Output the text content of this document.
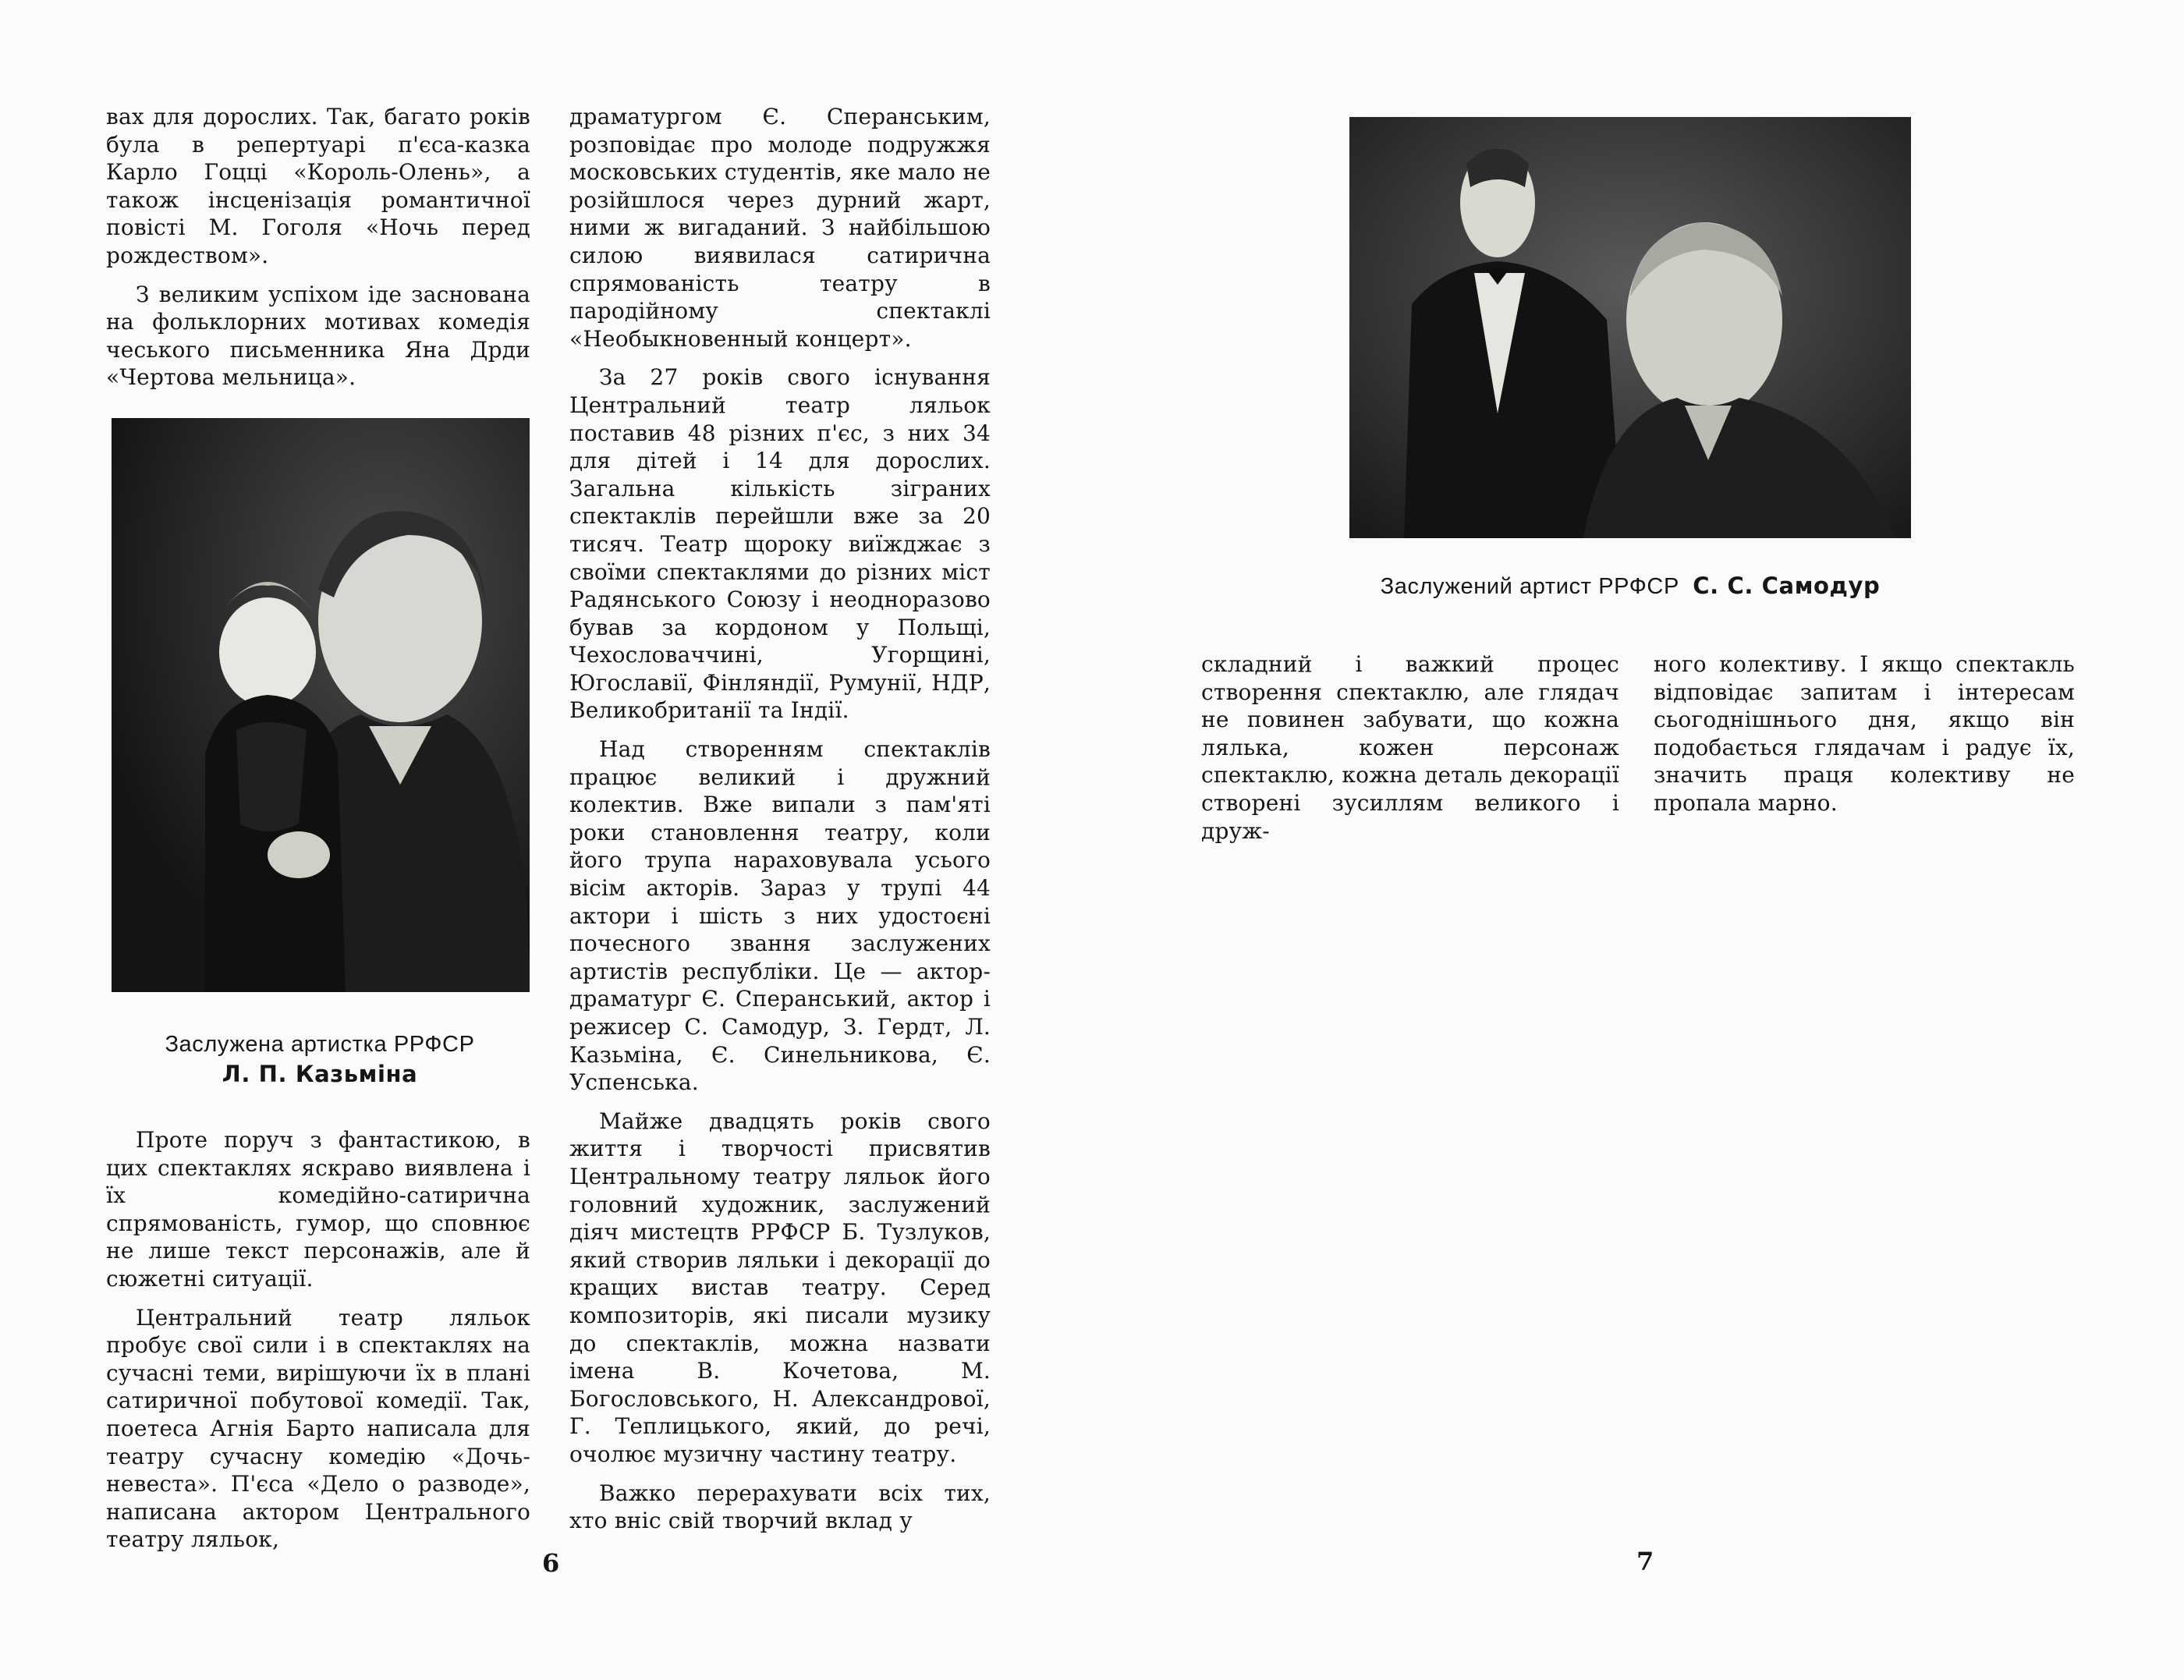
вах для дорослих. Так, багато років була в репертуарі п'єса-казка Карло Гоцці «Король-Олень», а також інсценізація романтичної повісті М. Гоголя «Ночь перед рождеством».

З великим успіхом іде заснована на фольклорних мотивах комедія чеського письменника Яна Дрди «Чертова мельница».

Заслужена артистка РРФСР
Л. П. Казьміна

Проте поруч з фантастикою, в цих спектаклях яскраво виявлена і їх комедійно-сатирична спрямованість, гумор, що сповнює не лише текст персонажів, але й сюжетні ситуації.

Центральний театр ляльок пробує свої сили і в спектаклях на сучасні теми, вирішуючи їх в плані сатиричної побутової комедії. Так, поетеса Агнія Барто написала для театру сучасну комедію «Дочь-невеста». П'єса «Дело о разводе», написана актором Центрального театру ляльок,

драматургом Є. Сперанським, розповідає про молоде подружжя московських студентів, яке мало не розійшлося через дурний жарт, ними ж вигаданий. З найбільшою силою виявилася сатирична спрямованість театру в пародійному спектаклі «Необыкновенный концерт».

За 27 років свого існування Центральний театр ляльок поставив 48 різних п'єс, з них 34 для дітей і 14 для дорослих. Загальна кількість зіграних спектаклів перейшли вже за 20 тисяч. Театр щороку виїжджає з своїми спектаклями до різних міст Радянського Союзу і неодноразово бував за кордоном у Польщі, Чехословаччині, Угорщині, Югославії, Фінляндії, Румунії, НДР, Великобританії та Індії.

Над створенням спектаклів працює великий і дружний колектив. Вже випали з пам'яті роки становлення театру, коли його трупа нараховувала усього вісім акторів. Зараз у трупі 44 актори і шість з них удостоєні почесного звання заслужених артистів республіки. Це — актор-драматург Є. Сперанський, актор і режисер С. Самодур, З. Гердт, Л. Казьміна, Є. Синельникова, Є. Успенська.

Майже двадцять років свого життя і творчості присвятив Центральному театру ляльок його головний художник, заслужений діяч мистецтв РРФСР Б. Тузлуков, який створив ляльки і декорації до кращих вистав театру. Серед композиторів, які писали музику до спектаклів, можна назвати імена В. Кочетова, М. Богословського, Н. Александрової, Г. Теплицького, який, до речі, очолює музичну частину театру.

Важко перерахувати всіх тих, хто вніс свій творчий вклад у

6
Заслужений артист РРФСР С. С. Самодур

складний і важкий процес створення спектаклю, але глядач не повинен забувати, що кожна лялька, кожен персонаж спектаклю, кожна деталь декорації створені зусиллям великого і друж-

ного колективу. І якщо спектакль відповідає запитам і інтересам сьогоднішнього дня, якщо він подобається глядачам і радує їх, значить праця колективу не пропала марно.

7
